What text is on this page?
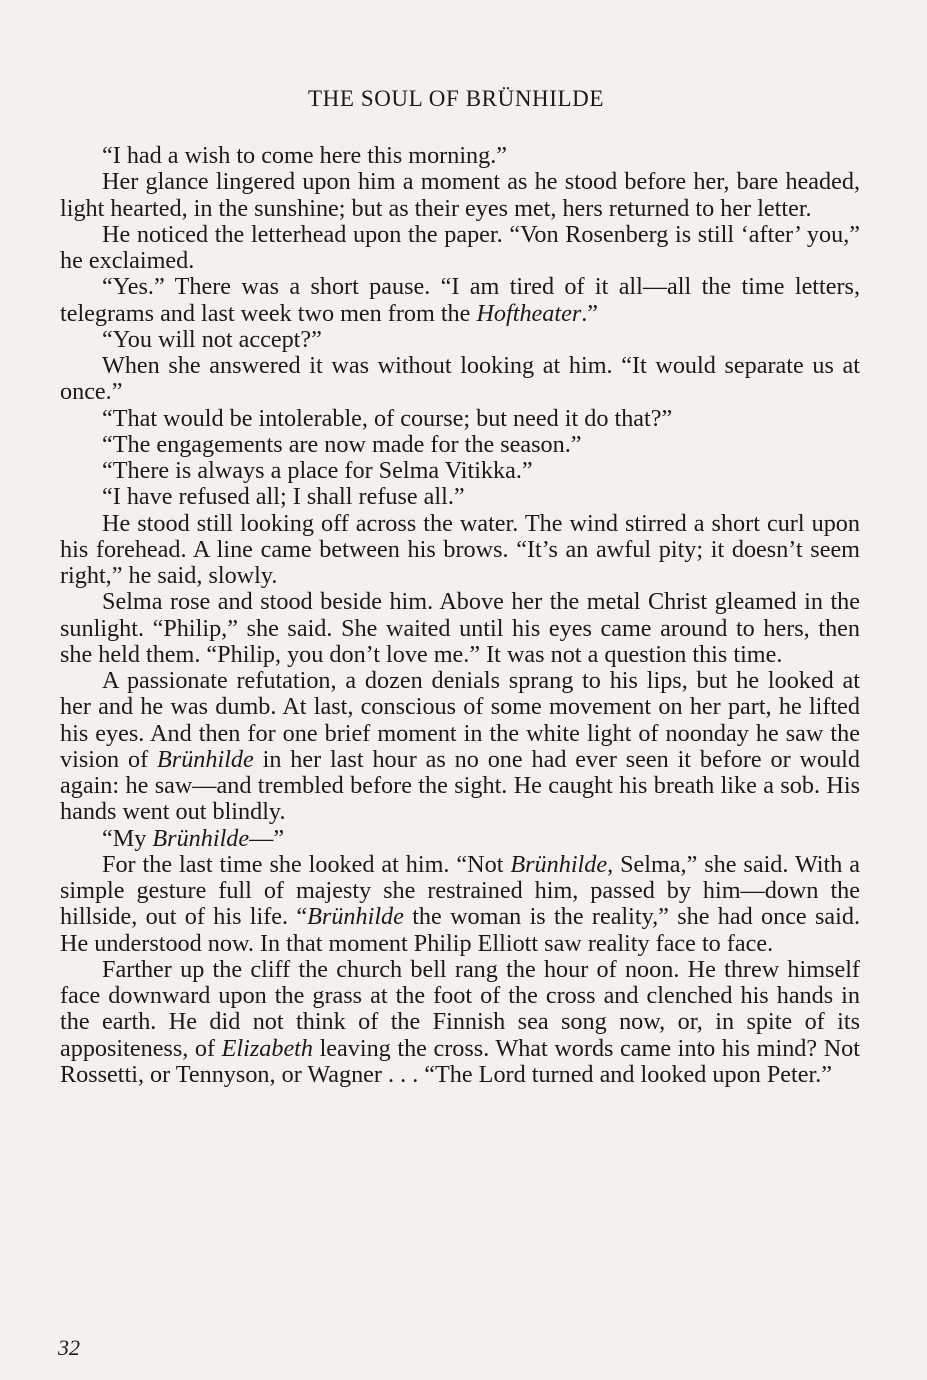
THE SOUL OF BRÜNHILDE

“I had a wish to come here this morning.”

Her glance lingered upon him a moment as he stood before her, bare headed, light hearted, in the sunshine; but as their eyes met, hers returned to her letter.

He noticed the letterhead upon the paper. “Von Rosenberg is still ‘after’ you,” he exclaimed.

“Yes.” There was a short pause. “I am tired of it all—all the time letters, telegrams and last week two men from the Hoftheater.”

“You will not accept?”

When she answered it was without looking at him. “It would separate us at once.”

“That would be intolerable, of course; but need it do that?”

“The engagements are now made for the season.”

“There is always a place for Selma Vitikka.”

“I have refused all; I shall refuse all.”

He stood still looking off across the water. The wind stirred a short curl upon his forehead. A line came between his brows. “It’s an awful pity; it doesn’t seem right,” he said, slowly.

Selma rose and stood beside him. Above her the metal Christ gleamed in the sunlight. “Philip,” she said. She waited until his eyes came around to hers, then she held them. “Philip, you don’t love me.” It was not a question this time.

A passionate refutation, a dozen denials sprang to his lips, but he looked at her and he was dumb. At last, conscious of some movement on her part, he lifted his eyes. And then for one brief moment in the white light of noonday he saw the vision of Brünhilde in her last hour as no one had ever seen it before or would again: he saw—and trembled before the sight. He caught his breath like a sob. His hands went out blindly.

“My Brünhilde—”

For the last time she looked at him. “Not Brünhilde, Selma,” she said. With a simple gesture full of majesty she restrained him, passed by him—down the hillside, out of his life. “Brünhilde the woman is the reality,” she had once said. He understood now. In that moment Philip Elliott saw reality face to face.

Farther up the cliff the church bell rang the hour of noon. He threw himself face downward upon the grass at the foot of the cross and clenched his hands in the earth. He did not think of the Finnish sea song now, or, in spite of its appositeness, of Elizabeth leaving the cross. What words came into his mind? Not Rossetti, or Tennyson, or Wagner . . . “The Lord turned and looked upon Peter.”

32
